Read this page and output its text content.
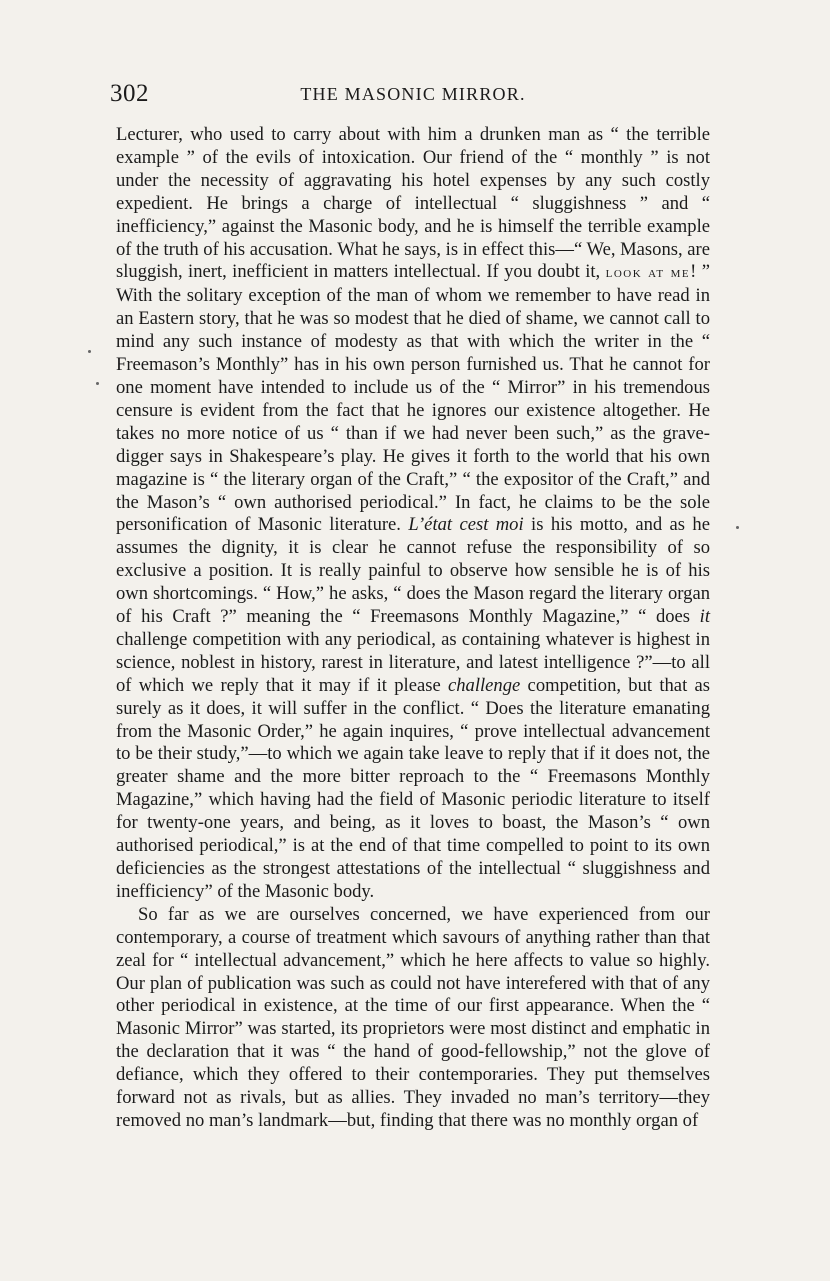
302	THE MASONIC MIRROR.

Lecturer, who used to carry about with him a drunken man as “ the terrible example ” of the evils of intoxication. Our friend of the “ monthly ” is not under the necessity of aggravating his hotel expenses by any such costly expedient. He brings a charge of intellectual “ sluggishness ” and “ inefficiency,” against the Masonic body, and he is himself the terrible example of the truth of his accusation. What he says, is in effect this—“ We, Masons, are sluggish, inert, inefficient in matters intellectual. If you doubt it, look at me! ” With the solitary exception of the man of whom we remember to have read in an Eastern story, that he was so modest that he died of shame, we cannot call to mind any such instance of modesty as that with which the writer in the “ Freemason’s Monthly” has in his own person furnished us. That he cannot for one moment have intended to include us of the “ Mirror” in his tremendous censure is evident from the fact that he ignores our existence altogether. He takes no more notice of us “ than if we had never been such,” as the grave-digger says in Shakespeare’s play. He gives it forth to the world that his own magazine is “ the literary organ of the Craft,” “ the expositor of the Craft,” and the Mason’s “ own authorised periodical.” In fact, he claims to be the sole personification of Masonic literature. L’état cest moi is his motto, and as he assumes the dignity, it is clear he cannot refuse the responsibility of so exclusive a position. It is really painful to observe how sensible he is of his own shortcomings. “ How,” he asks, “ does the Mason regard the literary organ of his Craft ?” meaning the “ Freemasons Monthly Magazine,” “ does it challenge competition with any periodical, as containing whatever is highest in science, noblest in history, rarest in literature, and latest intelligence ?”—to all of which we reply that it may if it please challenge competition, but that as surely as it does, it will suffer in the conflict. “ Does the literature emanating from the Masonic Order,” he again inquires, “ prove intellectual advancement to be their study,”—to which we again take leave to reply that if it does not, the greater shame and the more bitter reproach to the “ Freemasons Monthly Magazine,” which having had the field of Masonic periodic literature to itself for twenty-one years, and being, as it loves to boast, the Mason’s “ own authorised periodical,” is at the end of that time compelled to point to its own deficiencies as the strongest attestations of the intellectual “ sluggishness and inefficiency” of the Masonic body.

So far as we are ourselves concerned, we have experienced from our contemporary, a course of treatment which savours of anything rather than that zeal for “ intellectual advancement,” which he here affects to value so highly. Our plan of publication was such as could not have interefered with that of any other periodical in existence, at the time of our first appearance. When the “ Masonic Mirror” was started, its proprietors were most distinct and emphatic in the declaration that it was “ the hand of good-fellowship,” not the glove of defiance, which they offered to their contemporaries. They put themselves forward not as rivals, but as allies. They invaded no man’s territory—they removed no man’s landmark—but, finding that there was no monthly organ of
